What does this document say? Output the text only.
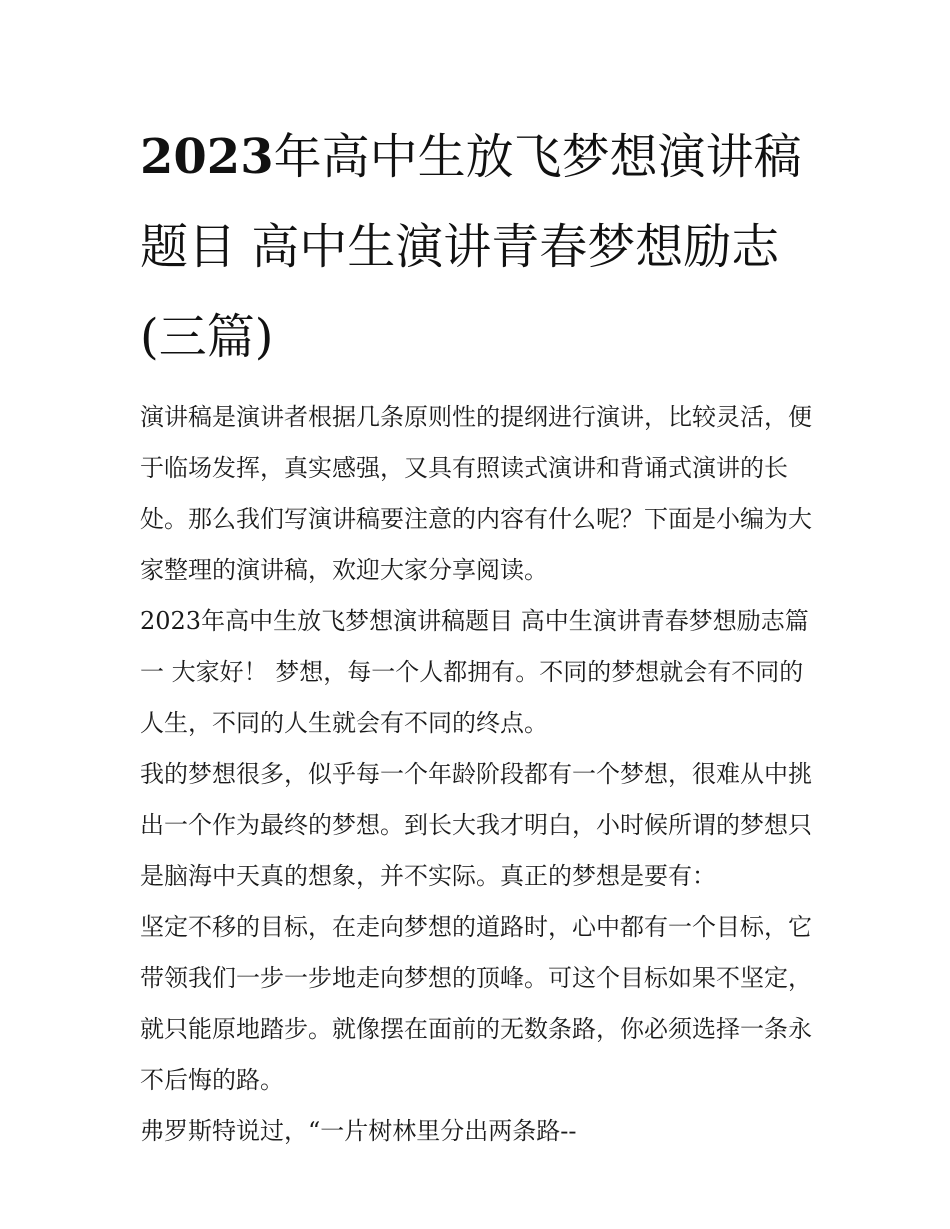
2023年高中生放飞梦想演讲稿题目 高中生演讲青春梦想励志(三篇)

演讲稿是演讲者根据几条原则性的提纲进行演讲，比较灵活，便于临场发挥，真实感强，又具有照读式演讲和背诵式演讲的长处。那么我们写演讲稿要注意的内容有什么呢？下面是小编为大家整理的演讲稿，欢迎大家分享阅读。

2023年高中生放飞梦想演讲稿题目 高中生演讲青春梦想励志篇一 大家好！ 梦想，每一个人都拥有。不同的梦想就会有不同的人生，不同的人生就会有不同的终点。

我的梦想很多，似乎每一个年龄阶段都有一个梦想，很难从中挑出一个作为最终的梦想。到长大我才明白，小时候所谓的梦想只是脑海中天真的想象，并不实际。真正的梦想是要有：

坚定不移的目标，在走向梦想的道路时，心中都有一个目标，它带领我们一步一步地走向梦想的顶峰。可这个目标如果不坚定，就只能原地踏步。就像摆在面前的无数条路，你必须选择一条永不后悔的路。

弗罗斯特说过，“一片树林里分出两条路--
